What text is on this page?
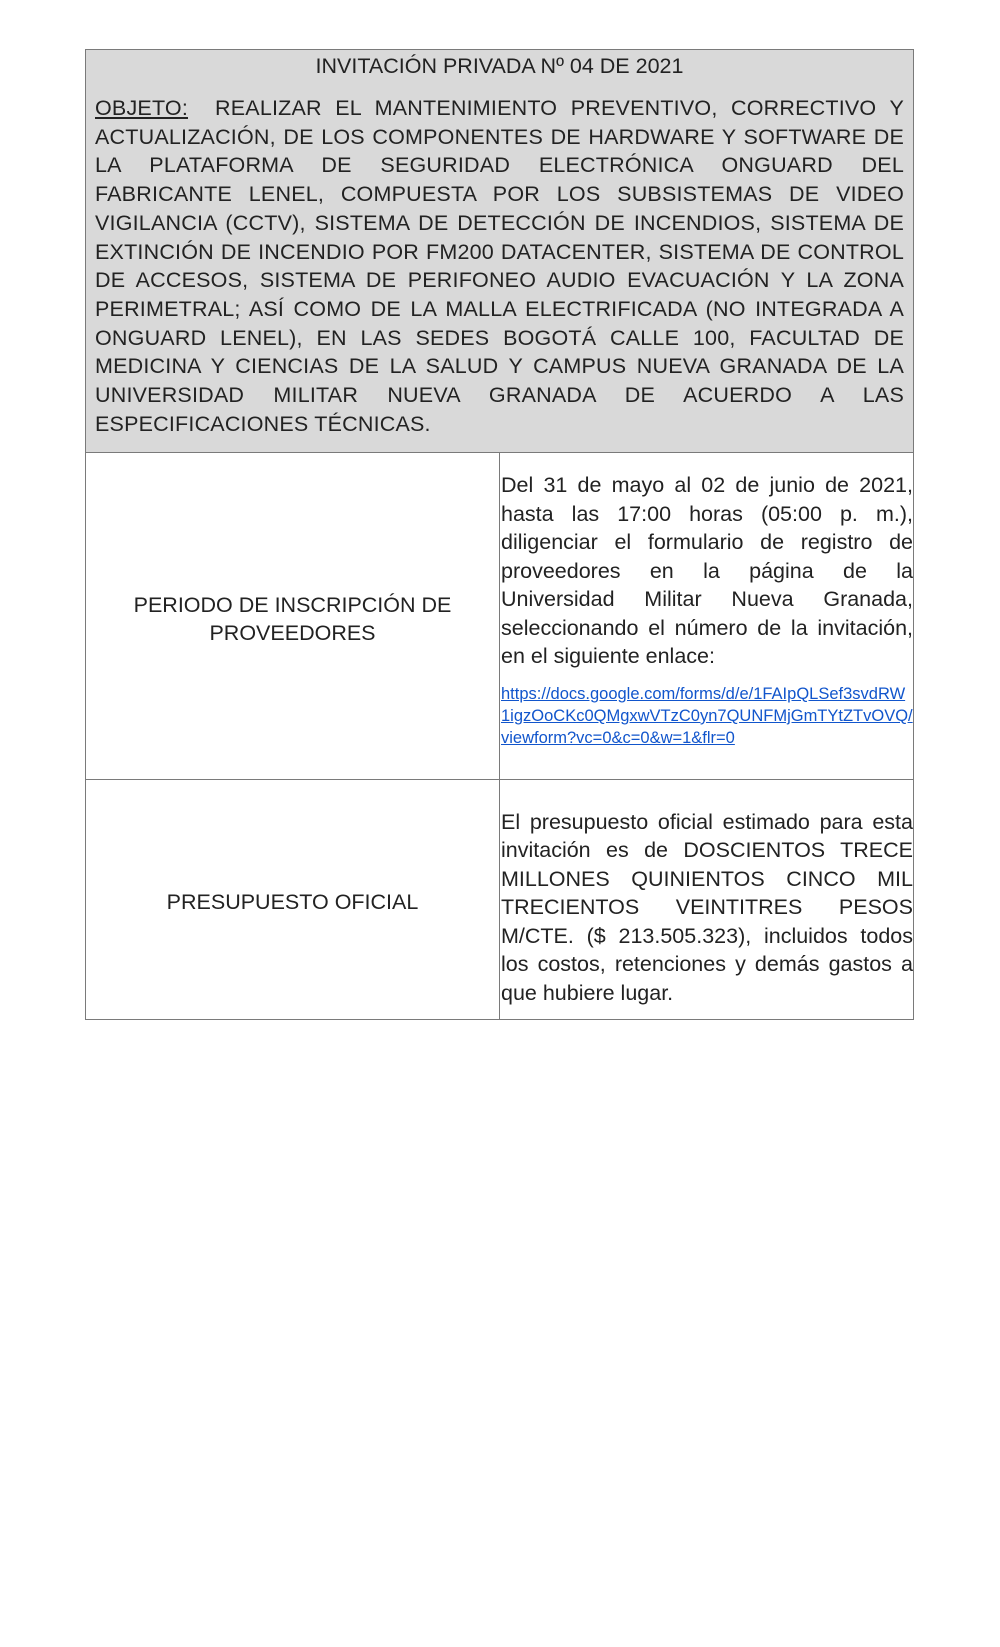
INVITACIÓN PRIVADA Nº 04 DE 2021

OBJETO: REALIZAR EL MANTENIMIENTO PREVENTIVO, CORRECTIVO Y ACTUALIZACIÓN, DE LOS COMPONENTES DE HARDWARE Y SOFTWARE DE LA PLATAFORMA DE SEGURIDAD ELECTRÓNICA ONGUARD DEL FABRICANTE LENEL, COMPUESTA POR LOS SUBSISTEMAS DE VIDEO VIGILANCIA (CCTV), SISTEMA DE DETECCIÓN DE INCENDIOS, SISTEMA DE EXTINCIÓN DE INCENDIO POR FM200 DATACENTER, SISTEMA DE CONTROL DE ACCESOS, SISTEMA DE PERIFONEO AUDIO EVACUACIÓN Y LA ZONA PERIMETRAL; ASÍ COMO DE LA MALLA ELECTRIFICADA (NO INTEGRADA A ONGUARD LENEL), EN LAS SEDES BOGOTÁ CALLE 100, FACULTAD DE MEDICINA Y CIENCIAS DE LA SALUD Y CAMPUS NUEVA GRANADA DE LA UNIVERSIDAD MILITAR NUEVA GRANADA DE ACUERDO A LAS ESPECIFICACIONES TÉCNICAS.	

PERIODO DE INSCRIPCIÓN DE PROVEEDORES	Del 31 de mayo al 02 de junio de 2021, hasta las 17:00 horas (05:00 p. m.), diligenciar el formulario de registro de proveedores en la página de la Universidad Militar Nueva Granada, seleccionando el número de la invitación, en el siguiente enlace:

https://docs.google.com/forms/d/e/1FAIpQLSef3svdRW1igzOoCKc0QMgxwVTzC0yn7QUNFMjGmTYtZTvOVQ/viewform?vc=0&c=0&w=1&flr=0

PRESUPUESTO OFICIAL	El presupuesto oficial estimado para esta invitación es de DOSCIENTOS TRECE MILLONES QUINIENTOS CINCO MIL TRECIENTOS VEINTITRES PESOS M/CTE. ($ 213.505.323), incluidos todos los costos, retenciones y demás gastos a que hubiere lugar.
